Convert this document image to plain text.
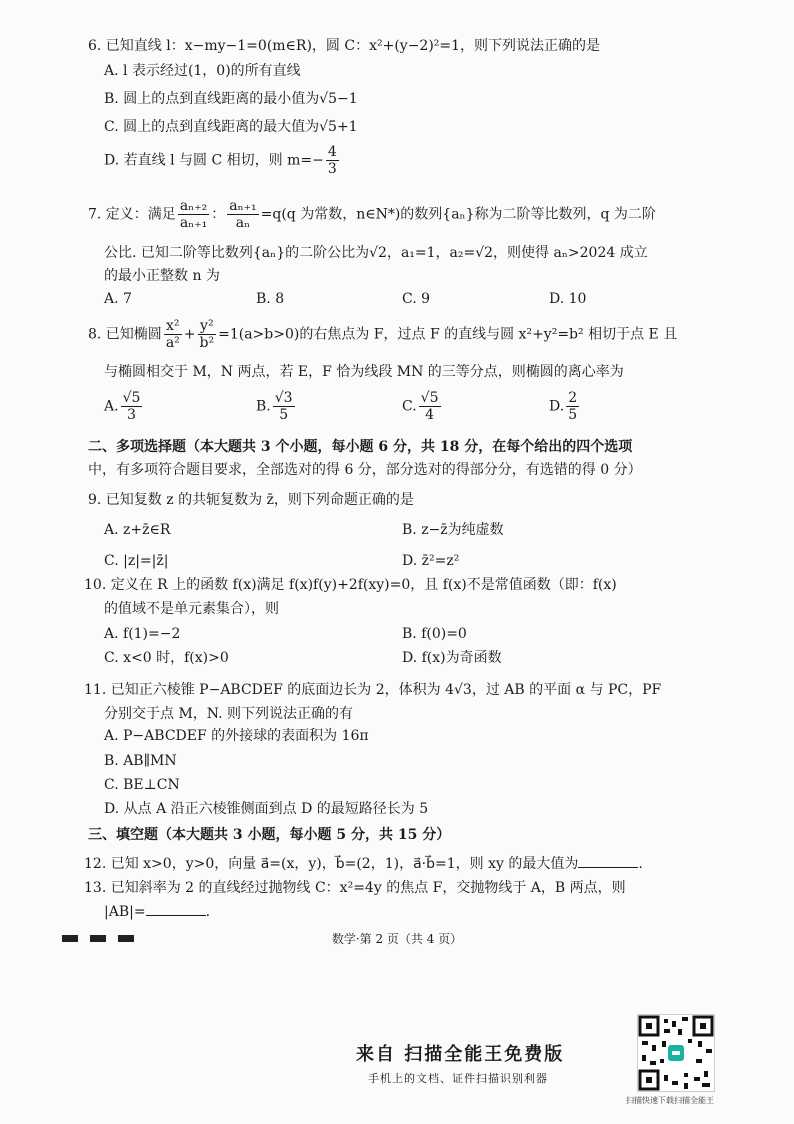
6. 已知直线 l：x−my−1=0(m∈R)，圆 C：x²+(y−2)²=1，则下列说法正确的是
A. l 表示经过(1，0)的所有直线
B. 圆上的点到直线距离的最小值为√5−1
C. 圆上的点到直线距离的最大值为√5+1
D. 若直线 l 与圆 C 相切，则 $m=- \frac{4}{3}$
7. 定义：满足 $\frac{\text{aₙ₊₂}}{\text{aₙ₊₁}}$ ： $\frac{\text{aₙ₊₁}}{\text{aₙ}} =q(q$ 为常数，n∈N*)的数列{aₙ}称为二阶等比数列，q 为二阶
公比. 已知二阶等比数列{aₙ}的二阶公比为√2，a₁=1，a₂=√2，则使得 aₙ>2024 成立
的最小正整数 n 为
A. 7	B. 8	C. 9	D. 10
8. 已知椭圆 $\frac{\text{x²}}{\text{a²}} + \frac{\text{y²}}{\text{b²}} =1(a>b>0)$的右焦点为 F，过点 F 的直线与圆 x²+y²=b² 相切于点 E 且
与椭圆相交于 M，N 两点，若 E，F 恰为线段 MN 的三等分点，则椭圆的离心率为
A. $\frac{√5}{3}$	B. $\frac{√3}{5}$	C. $\frac{√5}{4}$	D. $\frac{2}{5}$
二、多项选择题（本大题共 3 个小题，每小题 6 分，共 18 分，在每个给出的四个选项
中，有多项符合题目要求，全部选对的得 6 分，部分选对的得部分分，有选错的得 0 分）
9. 已知复数 z 的共轭复数为 z̄，则下列命题正确的是
A. z+z̄∈R	B. z−z̄为纯虚数
C. |z|=|z̄|	D. z̄²=z²
10. 定义在 R 上的函数 f(x)满足 f(x)f(y)+2f(xy)=0，且 f(x)不是常值函数（即：f(x)
的值域不是单元素集合），则
A. f(1)=−2	B. f(0)=0
C. x<0 时，f(x)>0	D. f(x)为奇函数
11. 已知正六棱锥 P−ABCDEF 的底面边长为 2，体积为 4√3，过 AB 的平面 α 与 PC，PF
分别交于点 M，N. 则下列说法正确的有
A. P−ABCDEF 的外接球的表面积为 16π
B. AB∥MN
C. BE⊥CN
D. 从点 A 沿正六棱锥侧面到点 D 的最短路径长为 5
三、填空题（本大题共 3 小题，每小题 5 分，共 15 分）
12. 已知 x>0，y>0，向量 a⃗=(x，y)，b⃗=(2，1)，a⃗·b⃗=1，则 xy 的最大值为	.
13. 已知斜率为 2 的直线经过抛物线 C：x²=4y 的焦点 F，交抛物线于 A，B 两点，则
|AB|=	.
数学·第 2 页（共 4 页）
来自 扫描全能王免费版
手机上的文档、证件扫描识别利器
扫描快速下载扫描全能王
